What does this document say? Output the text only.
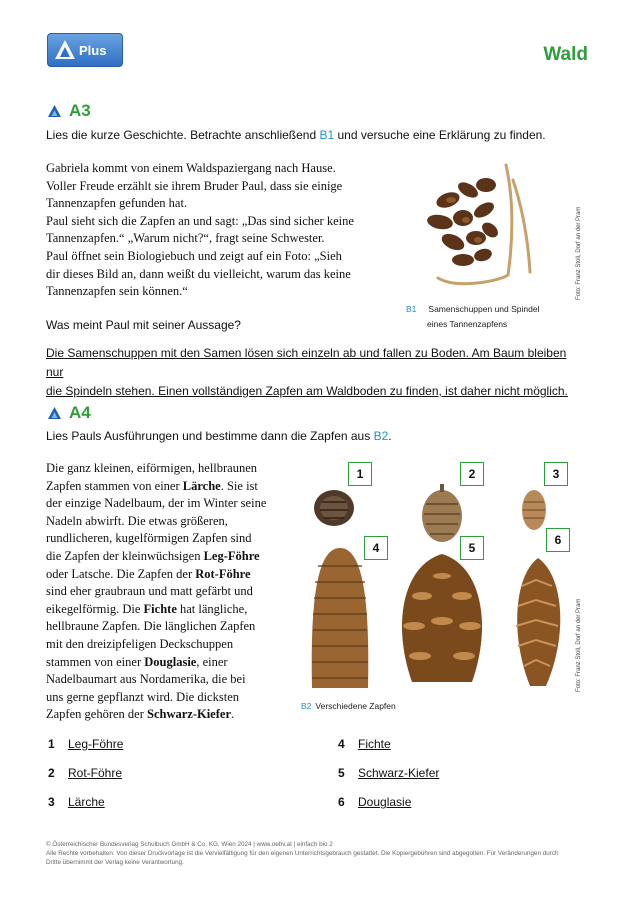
Plus	Wald
A3
Lies die kurze Geschichte. Betrachte anschließend B1 und versuche eine Erklärung zu finden.
Gabriela kommt von einem Waldspaziergang nach Hause.
Voller Freude erzählt sie ihrem Bruder Paul, dass sie einige
Tannenzapfen gefunden hat.
Paul sieht sich die Zapfen an und sagt: „Das sind sicher keine
Tannenzapfen.“ „Warum nicht?“, fragt seine Schwester.
Paul öffnet sein Biologiebuch und zeigt auf ein Foto: „Sieh
dir dieses Bild an, dann weißt du vielleicht, warum das keine
Tannenzapfen sein können.“	Foto: Franz Stoll, Dorf an der Pram
B1 Samenschuppen und Spindel
eines Tannenzapfens
Was meint Paul mit seiner Aussage?
Die Samenschuppen mit den Samen lösen sich einzeln ab und fallen zu Boden. Am Baum bleiben nur
die Spindeln stehen. Einen vollständigen Zapfen am Waldboden zu finden, ist daher nicht möglich.
A4
Lies Pauls Ausführungen und bestimme dann die Zapfen aus B2.
Die ganz kleinen, eiförmigen, hellbraunen
Zapfen stammen von einer Lärche. Sie ist
der einzige Nadelbaum, der im Winter seine
Nadeln abwirft. Die etwas größeren,
rundlicheren, kugelförmigen Zapfen sind
die Zapfen der kleinwüchsigen Leg-Föhre
oder Latsche. Die Zapfen der Rot-Föhre
sind eher graubraun und matt gefärbt und
eikegelförmig. Die Fichte hat längliche,
hellbraune Zapfen. Die länglichen Zapfen
mit den dreizipfeligen Deckschuppen
stammen von einer Douglasie, einer
Nadelbaumart aus Nordamerika, die bei
uns gerne gepflanzt wird. Die dicksten
Zapfen gehören der Schwarz-Kiefer.
1	2	3
4	5
6
Foto: Franz Stoll, Dorf an der Pram
B2 Verschiedene Zapfen
1	Leg-Föhre
2	Rot-Föhre
3	Lärche
4	Fichte
5	Schwarz-Kiefer
6	Douglasie
© Österreichischer Bundesverlag Schulbuch GmbH & Co. KG, Wien 2024 | www.oebv.at | einfach bio 2
Alle Rechte vorbehalten. Von dieser Druckvorlage ist die Vervielfältigung für den eigenen Unterrichtsgebrauch gestattet. Die Kopiergebühren sind abgegolten. Für Veränderungen durch
Dritte übernimmt der Verlag keine Verantwortung.
